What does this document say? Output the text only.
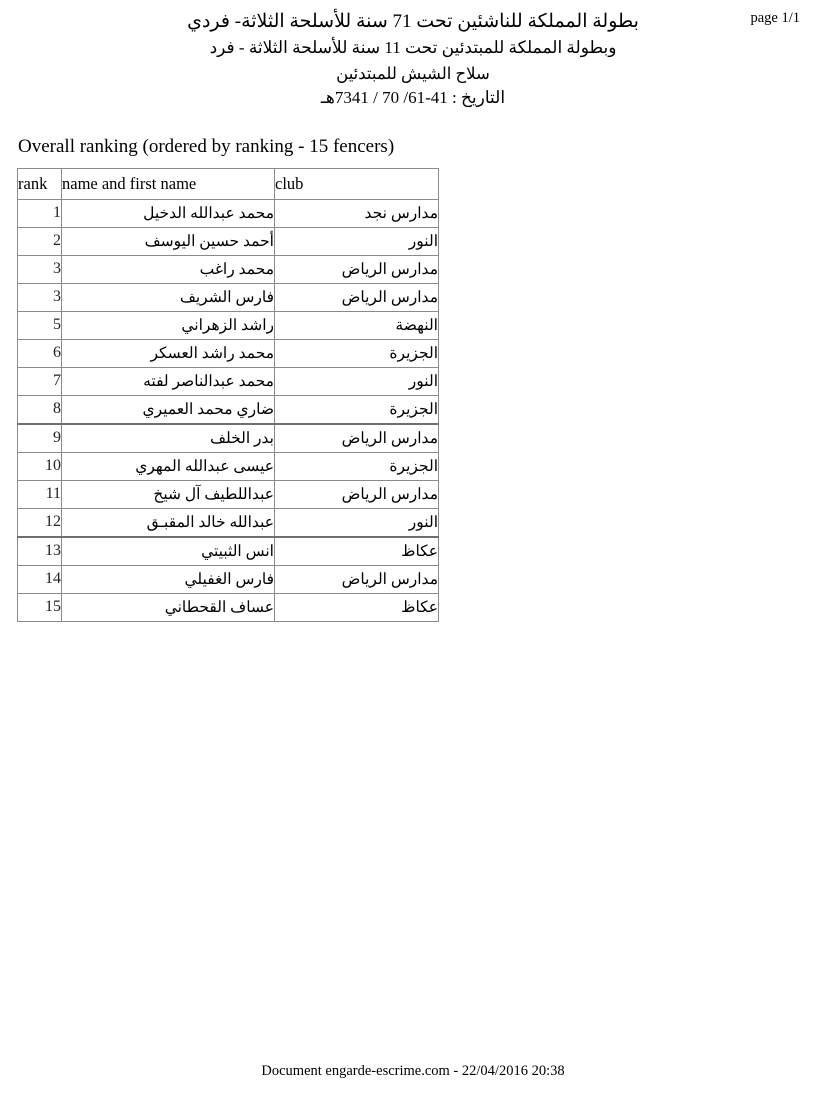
page 1/1
بطولة المملكة للناشئين تحت 17 سنة للأسلحة الثلاثة- فردي
وبطولة المملكة للمبتدئين تحت 11 سنة للأسلحة الثلاثة - فرد
سلاح الشيش للمبتدئين
التاريخ : 14-16/ 07 / 1437هـ
Overall ranking (ordered by ranking - 15 fencers)
rank	name and first name	club
1	محمد عبدالله الدخيل	مدارس نجد
2	أحمد حسين اليوسف	النور
3	محمد راغب	مدارس الرياض
3	فارس الشريف	مدارس الرياض
5	راشد الزهراني	النهضة
6	محمد راشد العسكر	الجزيرة
7	محمد عبدالناصر لفته	النور
8	ضاري محمد العميري	الجزيرة
9	بدر الخلف	مدارس الرياض
10	عيسى عبدالله المهري	الجزيرة
11	عبداللطيف آل شيخ	مدارس الرياض
12	عبدالله خالد المقبـق	النور
13	انس الثبيتي	عكاظ
14	فارس الغفيلي	مدارس الرياض
15	عساف القحطاني	عكاظ
Document engarde-escrime.com - 22/04/2016 20:38
